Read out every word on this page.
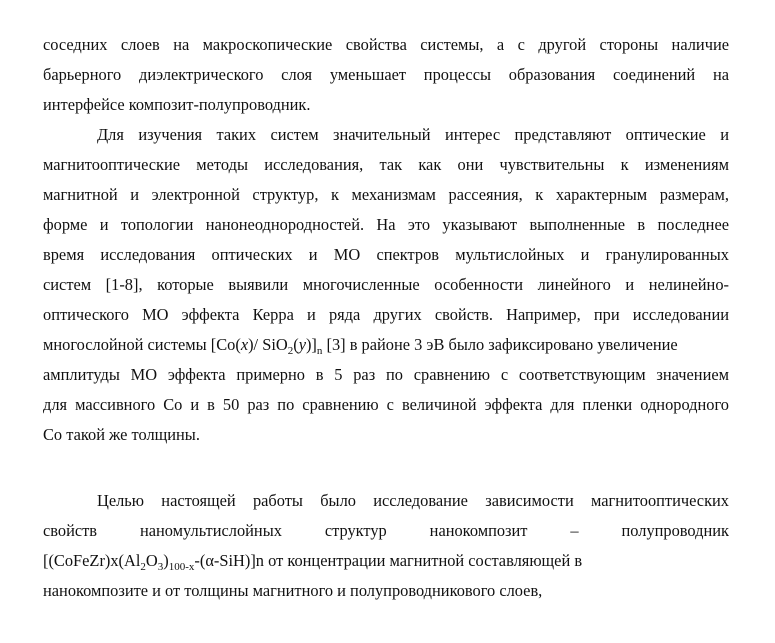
соседних слоев на макроскопические свойства системы, а с другой стороны наличие
барьерного диэлектрического слоя уменьшает процессы образования соединений на
интерфейсе композит-полупроводник.
Для изучения таких систем значительный интерес представляют оптические и
магнитооптические методы исследования, так как они чувствительны к изменениям
магнитной и электронной структур, к механизмам рассеяния, к характерным размерам,
форме и топологии нанонеоднородностей. На это указывают выполненные в последнее
время исследования оптических и МО спектров мультислойных и гранулированных
систем [1-8], которые выявили многочисленные особенности линейного и нелинейно-
оптического МО эффекта Керра и ряда других свойств. Например, при исследовании
многослойной системы [Co(x)/ $SiO_2(y)]_n$ [3] в районе 3 эВ было зафиксировано увеличение
амплитуды МО эффекта примерно в 5 раз по сравнению с соответствующим значением
для массивного Co и в 50 раз по сравнению с величиной эффекта для пленки однородного
Co такой же толщины.
Целью настоящей работы было исследование зависимости магнитооптических
свойств наномультислойных структур нанокомпозит – полупроводник
$[(CoFeZr)x(Al_2O_3)_{100-x}-(\alpha-SiH)]n$ от концентрации магнитной составляющей в
нанокомпозите и от толщины магнитного и полупроводникового слоев,
